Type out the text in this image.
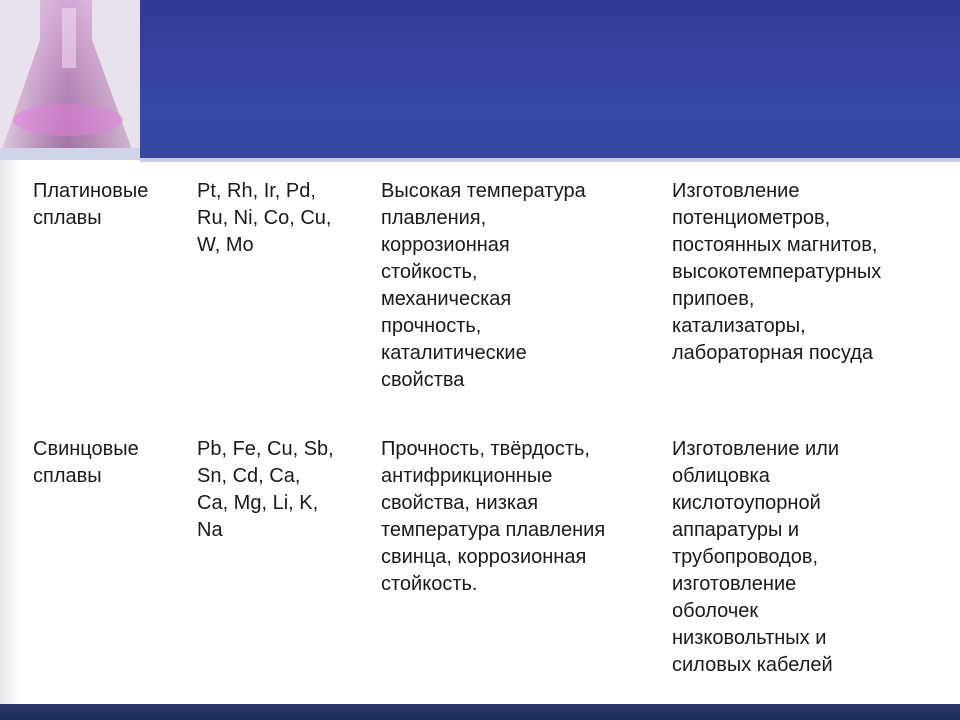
Платиновые
сплавы
Pt, Rh, Ir, Pd,
Ru, Ni, Co, Cu,
W, Mo
Высокая температура
плавления,
коррозионная
стойкость,
механическая
прочность,
каталитические
свойства
Изготовление
потенциометров,
постоянных магнитов,
высокотемпературных
припоев,
катализаторы,
лабораторная посуда
Свинцовые
сплавы
Pb, Fe, Cu, Sb,
Sn, Cd, Ca,
Ca, Mg, Li, K,
Na
Прочность, твёрдость,
антифрикционные
свойства, низкая
температура плавления
свинца, коррозионная
стойкость.
Изготовление или
облицовка
кислотоупорной
аппаратуры и
трубопроводов,
изготовление
оболочек
низковольтных и
силовых кабелей
